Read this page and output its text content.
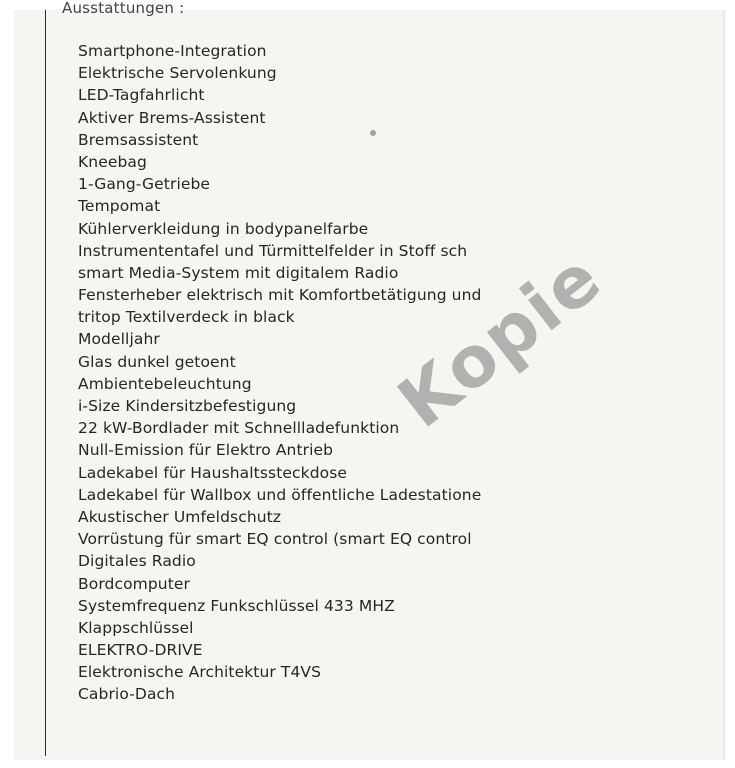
Ausstattungen :
Smartphone-Integration
Elektrische Servolenkung
LED-Tagfahrlicht
Aktiver Brems-Assistent
Bremsassistent
Kneebag
1-Gang-Getriebe
Tempomat
Kühlerverkleidung in bodypanelfarbe
Instrumententafel und Türmittelfelder in Stoff sch
smart Media-System mit digitalem Radio
Fensterheber elektrisch mit Komfortbetätigung und
tritop Textilverdeck in black
Modelljahr
Glas dunkel getoent
Ambientebeleuchtung
i-Size Kindersitzbefestigung
22 kW-Bordlader mit Schnellladefunktion
Null-Emission für Elektro Antrieb
Ladekabel für Haushaltssteckdose
Ladekabel für Wallbox und öffentliche Ladestatione
Akustischer Umfeldschutz
Vorrüstung für smart EQ control (smart EQ control
Digitales Radio
Bordcomputer
Systemfrequenz Funkschlüssel 433 MHZ
Klappschlüssel
ELEKTRO-DRIVE
Elektronische Architektur T4VS
Cabrio-Dach
Kopie
